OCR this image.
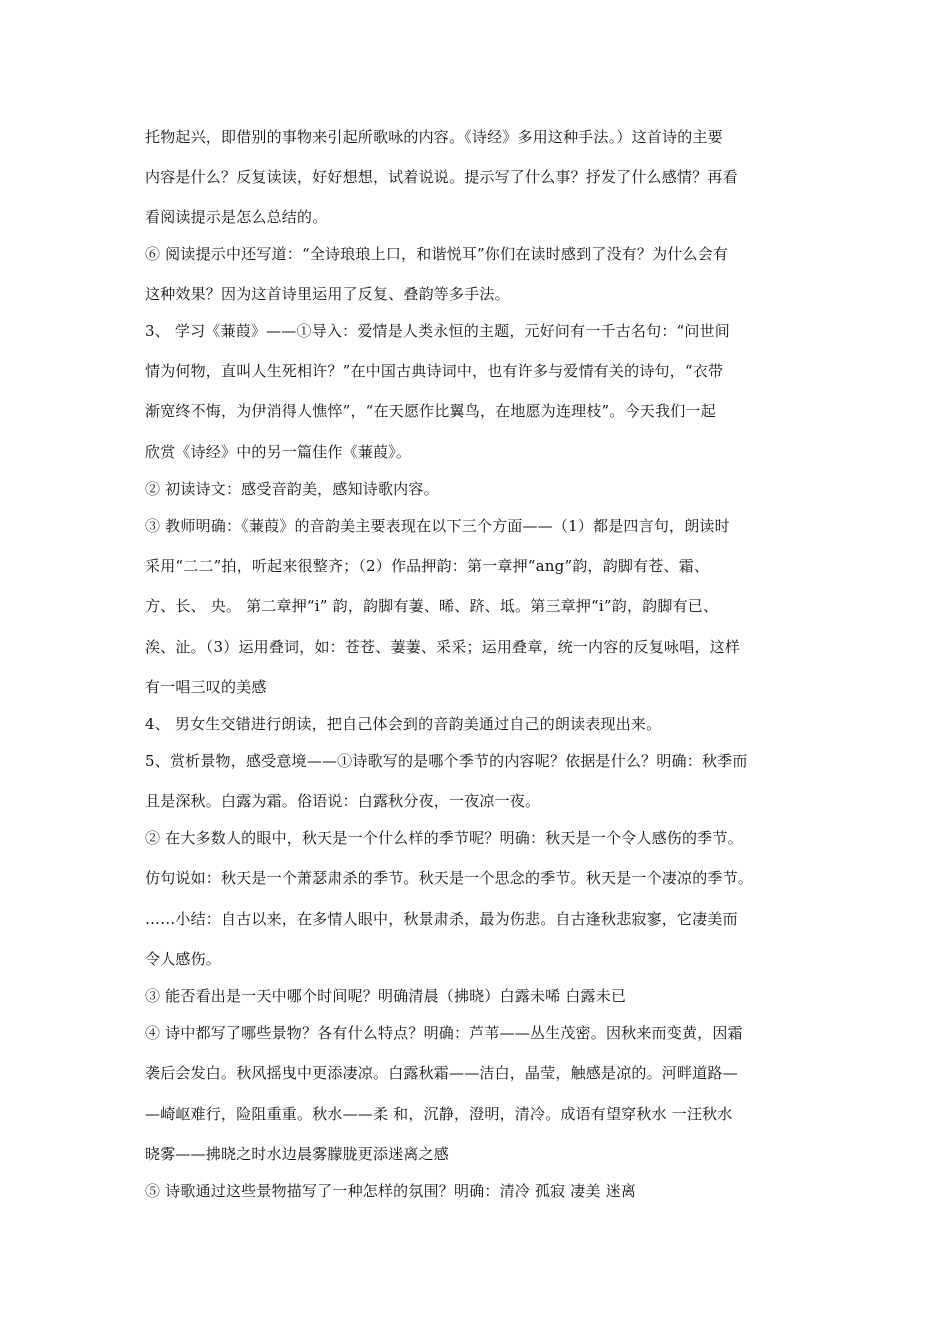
托物起兴，即借别的事物来引起所歌咏的内容。《诗经》多用这种手法。）这首诗的主要
内容是什么？反复读读，好好想想，试着说说。提示写了什么事？抒发了什么感情？再看
看阅读提示是怎么总结的。
⑥ 阅读提示中还写道：“全诗琅琅上口，和谐悦耳”你们在读时感到了没有？为什么会有
这种效果？因为这首诗里运用了反复、叠韵等多手法。
3、 学习《蒹葭》——①导入：爱情是人类永恒的主题，元好问有一千古名句：“问世间
情为何物，直叫人生死相许？”在中国古典诗词中，也有许多与爱情有关的诗句，“衣带
渐宽终不悔，为伊消得人憔悴”，“在天愿作比翼鸟，在地愿为连理枝”。今天我们一起
欣赏《诗经》中的另一篇佳作《蒹葭》。
② 初读诗文：感受音韵美，感知诗歌内容。
③ 教师明确：《蒹葭》的音韵美主要表现在以下三个方面——（1）都是四言句，朗读时
采用“二二”拍，听起来很整齐；（2）作品押韵：第一章押“ang”韵，韵脚有苍、霜、
方、长、 央。 第二章押“i” 韵，韵脚有萋、晞、跻、坻。第三章押“i”韵，韵脚有已、
涘、沚。（3）运用叠词，如：苍苍、萋萋、采采；运用叠章，统一内容的反复咏唱，这样
有一唱三叹的美感
4、 男女生交错进行朗读，把自己体会到的音韵美通过自己的朗读表现出来。
5、赏析景物，感受意境——①诗歌写的是哪个季节的内容呢？依据是什么？明确：秋季而
且是深秋。白露为霜。俗语说：白露秋分夜，一夜凉一夜。
② 在大多数人的眼中，秋天是一个什么样的季节呢？明确：秋天是一个令人感伤的季节。
仿句说如：秋天是一个萧瑟肃杀的季节。秋天是一个思念的季节。秋天是一个凄凉的季节。
……小结：自古以来，在多情人眼中，秋景肃杀，最为伤悲。自古逢秋悲寂寥，它凄美而
令人感伤。
③ 能否看出是一天中哪个时间呢？明确清晨（拂晓）白露未唏 白露未已
④ 诗中都写了哪些景物？各有什么特点？明确：芦苇——丛生茂密。因秋来而变黄，因霜
袭后会发白。秋风摇曳中更添凄凉。白露秋霜——洁白，晶莹，触感是凉的。河畔道路—
—崎岖难行，险阻重重。秋水——柔 和，沉静，澄明，清冷。成语有望穿秋水 一汪秋水
晓雾——拂晓之时水边晨雾朦胧更添迷离之感
⑤ 诗歌通过这些景物描写了一种怎样的氛围？明确：清冷 孤寂 凄美 迷离
